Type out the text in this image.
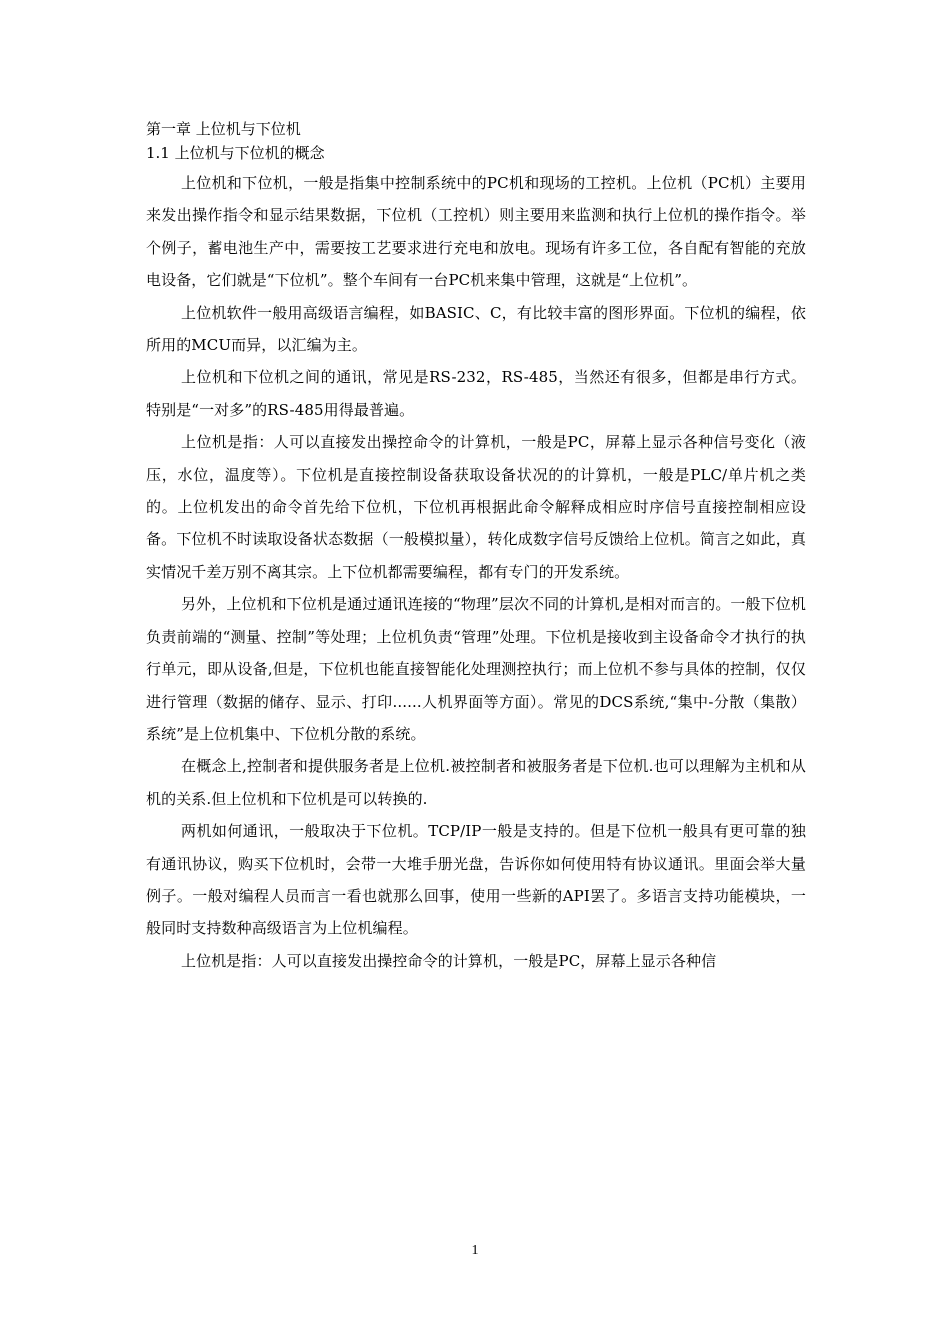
第一章 上位机与下位机

1.1 上位机与下位机的概念

上位机和下位机，一般是指集中控制系统中的PC机和现场的工控机。上位机（PC机）主要用来发出操作指令和显示结果数据，下位机（工控机）则主要用来监测和执行上位机的操作指令。举个例子，蓄电池生产中，需要按工艺要求进行充电和放电。现场有许多工位，各自配有智能的充放电设备，它们就是“下位机”。整个车间有一台PC机来集中管理，这就是“上位机”。

上位机软件一般用高级语言编程，如BASIC、C，有比较丰富的图形界面。下位机的编程，依所用的MCU而异，以汇编为主。

上位机和下位机之间的通讯，常见是RS-232，RS-485，当然还有很多，但都是串行方式。特别是“一对多”的RS-485用得最普遍。

上位机是指：人可以直接发出操控命令的计算机，一般是PC，屏幕上显示各种信号变化（液压，水位，温度等）。下位机是直接控制设备获取设备状况的的计算机，一般是PLC/单片机之类的。上位机发出的命令首先给下位机，下位机再根据此命令解释成相应时序信号直接控制相应设备。下位机不时读取设备状态数据（一般模拟量），转化成数字信号反馈给上位机。简言之如此，真实情况千差万别不离其宗。上下位机都需要编程，都有专门的开发系统。

另外，上位机和下位机是通过通讯连接的“物理”层次不同的计算机,是相对而言的。一般下位机负责前端的“测量、控制”等处理；上位机负责“管理”处理。下位机是接收到主设备命令才执行的执行单元，即从设备,但是，下位机也能直接智能化处理测控执行；而上位机不参与具体的控制，仅仅进行管理（数据的储存、显示、打印......人机界面等方面）。常见的DCS系统,“集中-分散（集散）系统”是上位机集中、下位机分散的系统。

在概念上,控制者和提供服务者是上位机.被控制者和被服务者是下位机.也可以理解为主机和从机的关系.但上位机和下位机是可以转换的.

两机如何通讯，一般取决于下位机。TCP/IP一般是支持的。但是下位机一般具有更可靠的独有通讯协议，购买下位机时，会带一大堆手册光盘，告诉你如何使用特有协议通讯。里面会举大量例子。一般对编程人员而言一看也就那么回事，使用一些新的API罢了。多语言支持功能模块，一般同时支持数种高级语言为上位机编程。

上位机是指：人可以直接发出操控命令的计算机，一般是PC，屏幕上显示各种信

1
